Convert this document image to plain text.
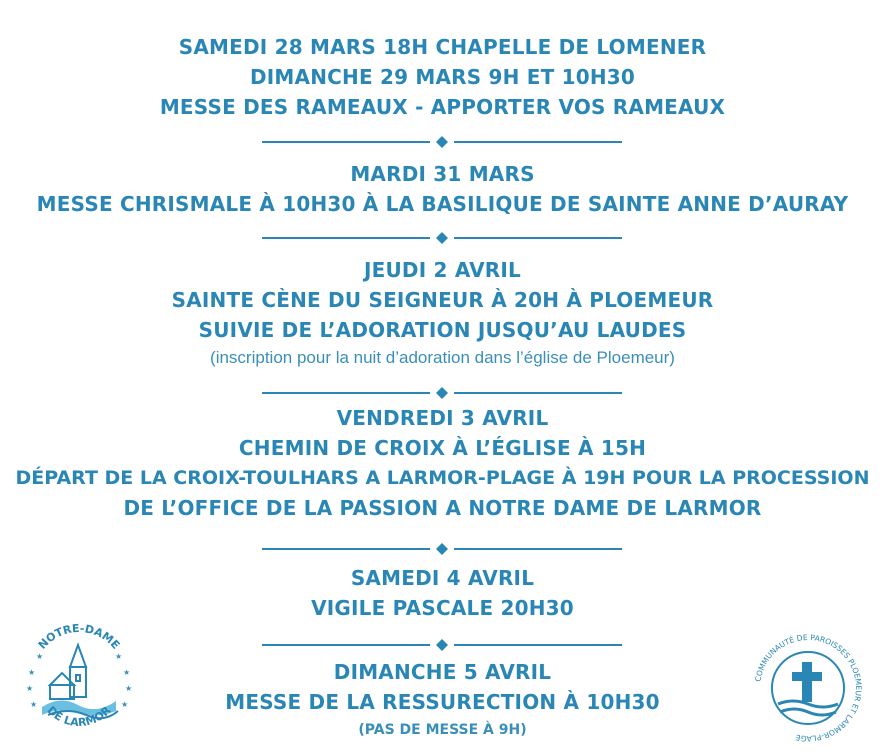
SAMEDI 28 MARS 18H CHAPELLE DE LOMENER
DIMANCHE 29 MARS 9H ET 10H30
MESSE DES RAMEAUX - APPORTER VOS RAMEAUX
MARDI 31 MARS
MESSE CHRISMALE À 10H30 À LA BASILIQUE DE SAINTE ANNE D’AURAY
JEUDI 2 AVRIL
SAINTE CÈNE DU SEIGNEUR À 20H À PLOEMEUR
SUIVIE DE L’ADORATION JUSQU’AU LAUDES
(inscription pour la nuit d’adoration dans l’église de Ploemeur)
VENDREDI 3 AVRIL
CHEMIN DE CROIX À L’ÉGLISE À 15H
DÉPART DE LA CROIX-TOULHARS A LARMOR-PLAGE À 19H POUR LA PROCESSION
DE L’OFFICE DE LA PASSION A NOTRE DAME DE LARMOR
SAMEDI 4 AVRIL
VIGILE PASCALE 20H30
DIMANCHE 5 AVRIL
MESSE DE LA RESSURECTION À 10H30
(PAS DE MESSE À 9H)
★
★
★
★
★
★
★	★
NOTRE-DAME
DE LARMOR
COMMUNAUTÉ DE PAROISSES PLOEMEUR ET LARMOR-PLAGE
